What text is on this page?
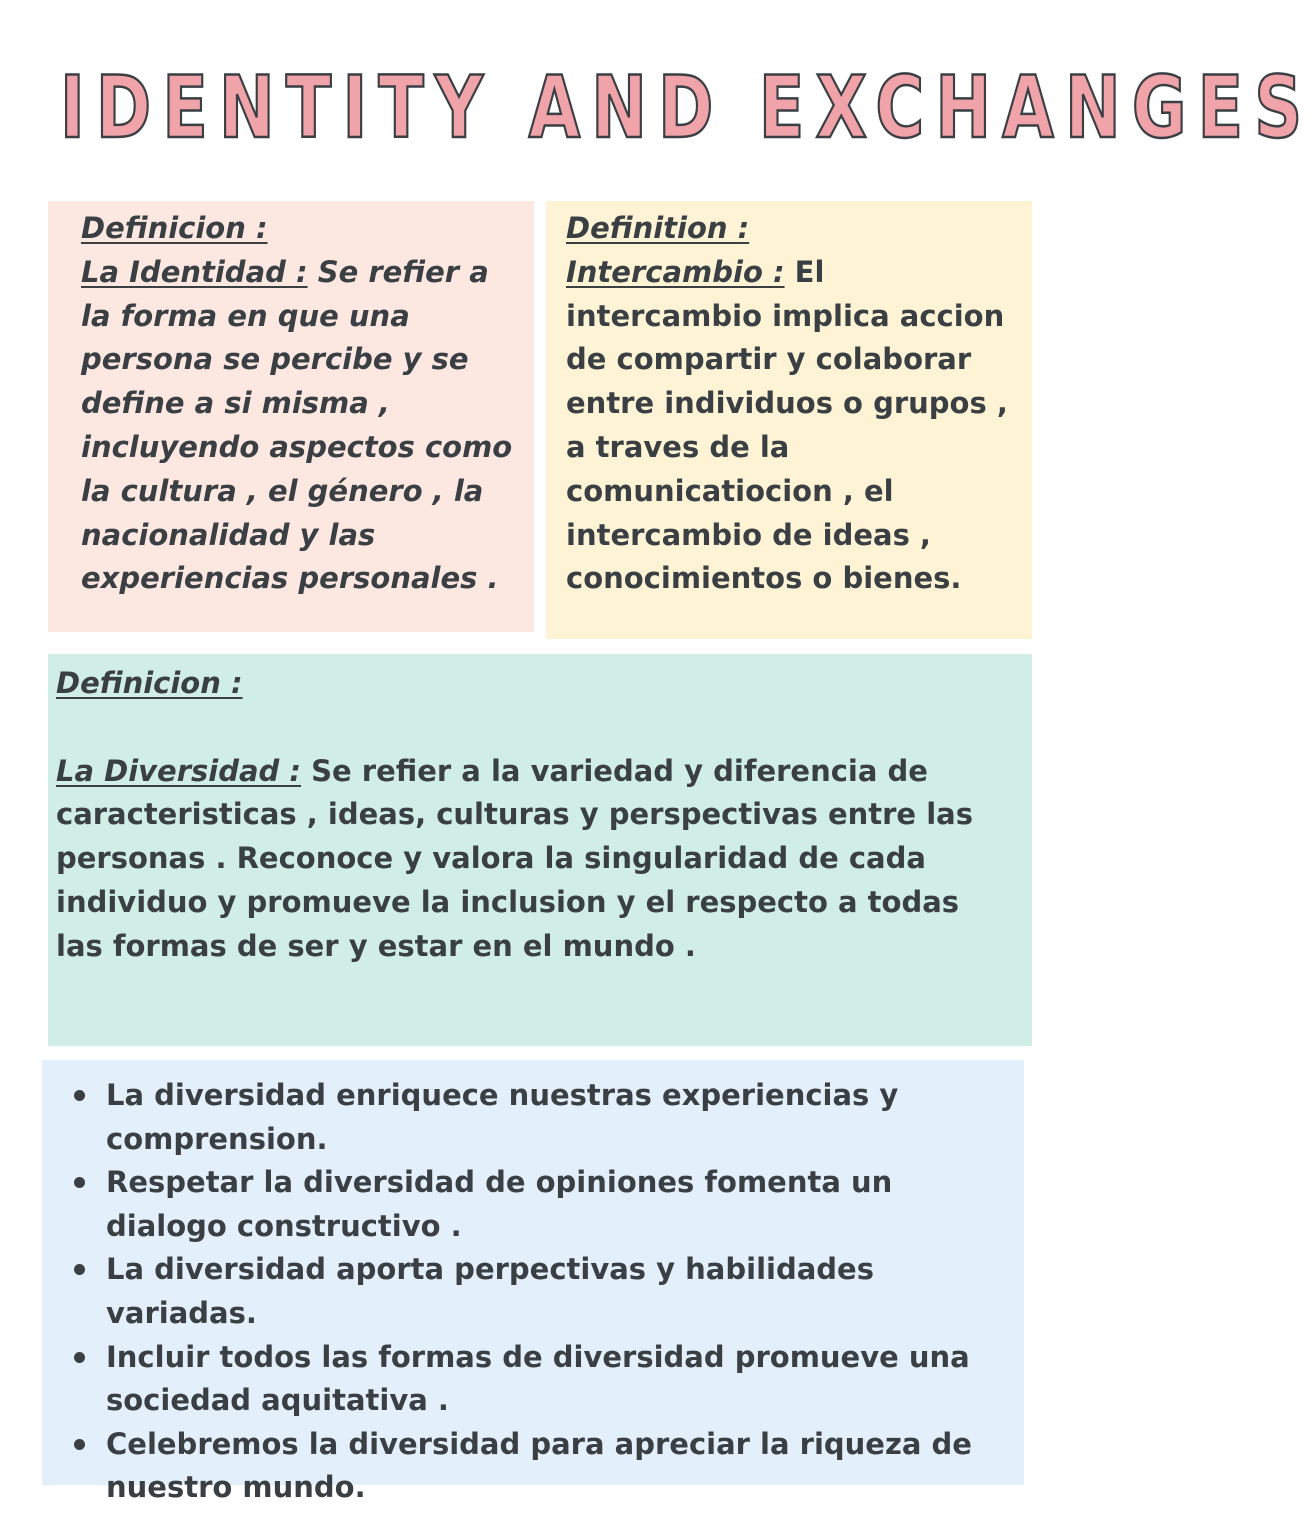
IDENTITY AND EXCHANGES
Definicion :
La Identidad : Se refier a la forma en que una persona se percibe y se define a si misma , incluyendo aspectos como la cultura , el género , la nacionalidad y las experiencias personales .
Definition :
Intercambio : El intercambio implica accion de compartir y colaborar entre individuos o grupos , a traves de la comunicatiocion , el intercambio de ideas , conocimientos o bienes.
Definicion :
La Diversidad : Se refier a la variedad y diferencia de caracteristicas , ideas, culturas y perspectivas entre las personas . Reconoce y valora la singularidad de cada individuo y promueve la inclusion y el respecto a todas las formas de ser y estar en el mundo .
La diversidad enriquece nuestras experiencias y comprension.
Respetar la diversidad de opiniones fomenta un dialogo constructivo .
La diversidad aporta perpectivas y habilidades variadas.
Incluir todos las formas de diversidad promueve una sociedad aquitativa .
Celebremos la diversidad para apreciar la riqueza de nuestro mundo.
